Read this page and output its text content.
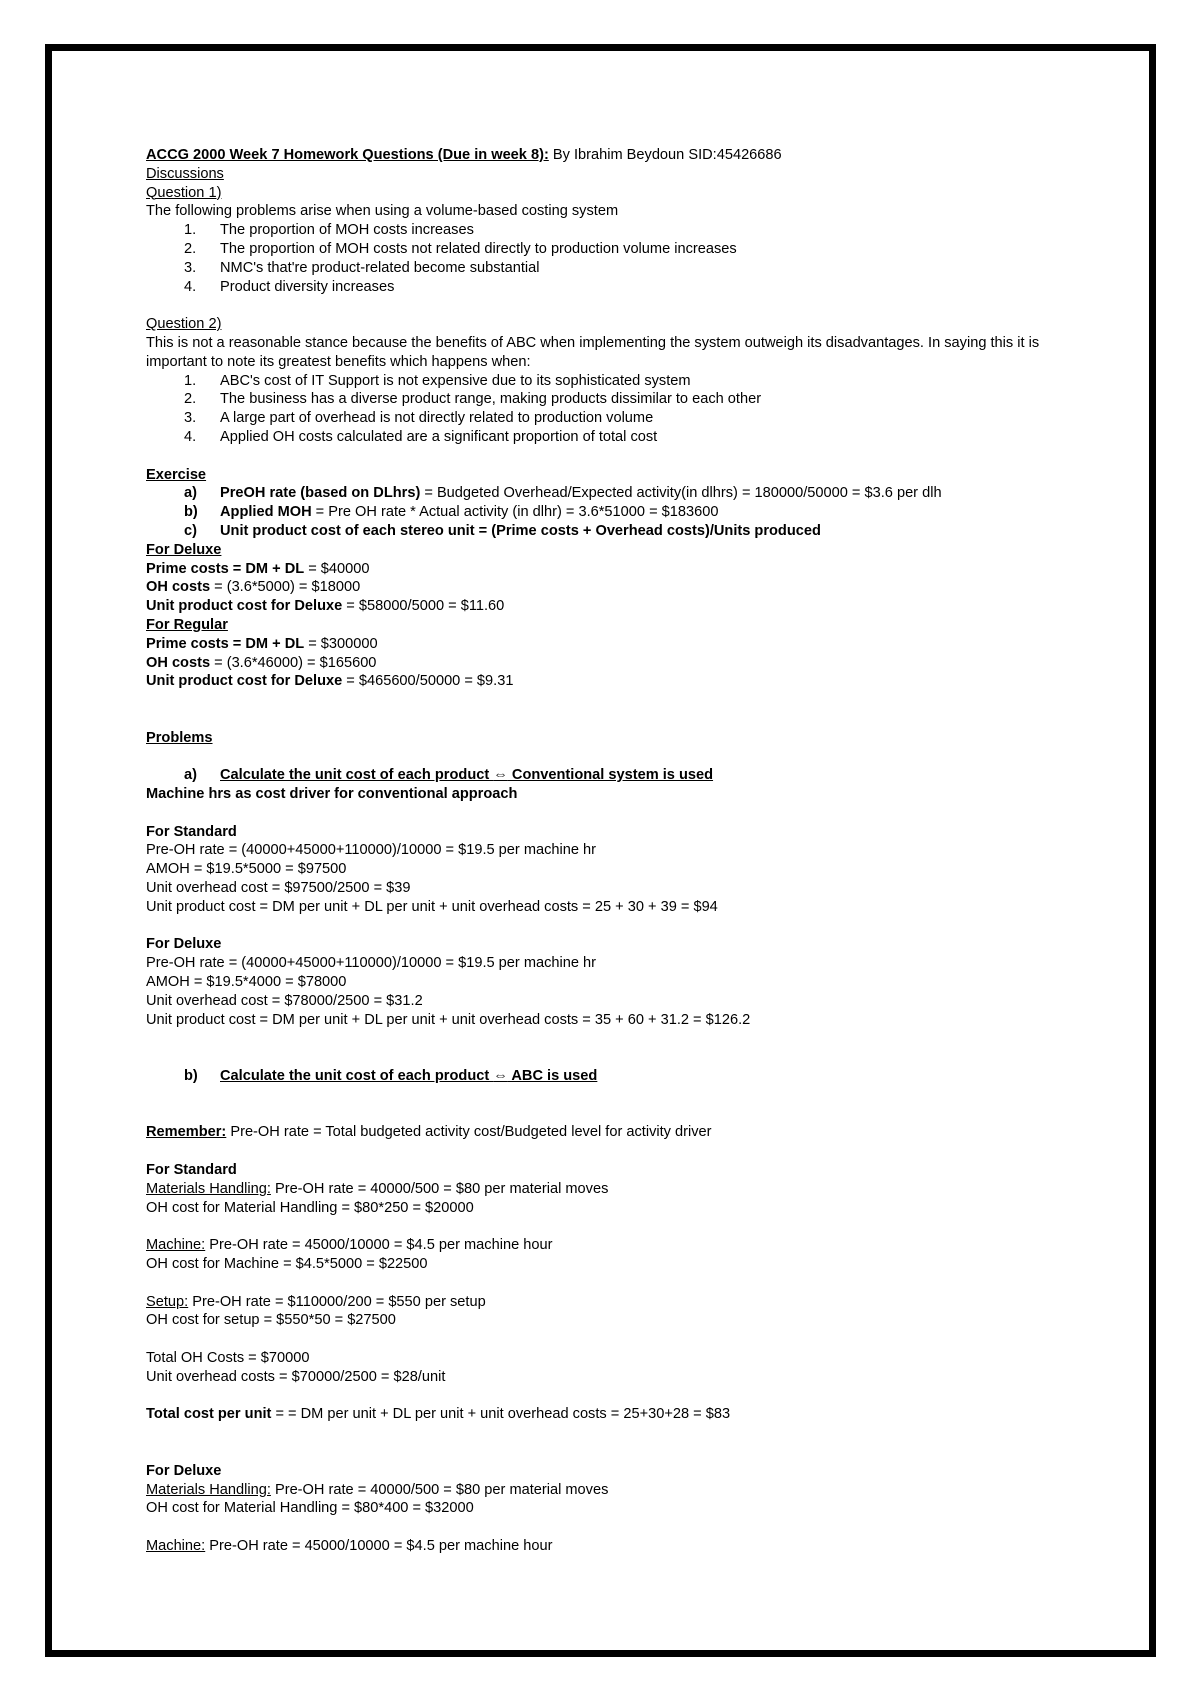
ACCG 2000 Week 7 Homework Questions (Due in week 8): By Ibrahim Beydoun SID:45426686
Discussions
Question 1)
The following problems arise when using a volume-based costing system
1. The proportion of MOH costs increases
2. The proportion of MOH costs not related directly to production volume increases
3. NMC's that're product-related become substantial
4. Product diversity increases
Question 2)
This is not a reasonable stance because the benefits of ABC when implementing the system outweigh its disadvantages. In saying this it is important to note its greatest benefits which happens when:
1. ABC's cost of IT Support is not expensive due to its sophisticated system
2. The business has a diverse product range, making products dissimilar to each other
3. A large part of overhead is not directly related to production volume
4. Applied OH costs calculated are a significant proportion of total cost
Exercise
a) PreOH rate (based on DLhrs) = Budgeted Overhead/Expected activity(in dlhrs) = 180000/50000 = $3.6 per dlh
b) Applied MOH = Pre OH rate * Actual activity (in dlhr) = 3.6*51000 = $183600
c) Unit product cost of each stereo unit = (Prime costs + Overhead costs)/Units produced
For Deluxe
Prime costs = DM + DL = $40000
OH costs = (3.6*5000) = $18000
Unit product cost for Deluxe = $58000/5000 = $11.60
For Regular
Prime costs = DM + DL = $300000
OH costs = (3.6*46000) = $165600
Unit product cost for Deluxe = $465600/50000 = $9.31
Problems
a) Calculate the unit cost of each product ⇔ Conventional system is used
Machine hrs as cost driver for conventional approach
For Standard
Pre-OH rate = (40000+45000+110000)/10000 = $19.5 per machine hr
AMOH = $19.5*5000 = $97500
Unit overhead cost = $97500/2500 = $39
Unit product cost = DM per unit + DL per unit + unit overhead costs = 25 + 30 + 39 = $94
For Deluxe
Pre-OH rate = (40000+45000+110000)/10000 = $19.5 per machine hr
AMOH = $19.5*4000 = $78000
Unit overhead cost = $78000/2500 = $31.2
Unit product cost = DM per unit + DL per unit + unit overhead costs = 35 + 60 + 31.2 = $126.2
b) Calculate the unit cost of each product ⇔ ABC is used
Remember: Pre-OH rate = Total budgeted activity cost/Budgeted level for activity driver
For Standard
Materials Handling: Pre-OH rate = 40000/500 = $80 per material moves
OH cost for Material Handling = $80*250 = $20000
Machine: Pre-OH rate = 45000/10000 = $4.5 per machine hour
OH cost for Machine = $4.5*5000 = $22500
Setup: Pre-OH rate = $110000/200 = $550 per setup
OH cost for setup = $550*50 = $27500
Total OH Costs = $70000
Unit overhead costs = $70000/2500 = $28/unit
Total cost per unit = = DM per unit + DL per unit + unit overhead costs = 25+30+28 = $83
For Deluxe
Materials Handling: Pre-OH rate = 40000/500 = $80 per material moves
OH cost for Material Handling = $80*400 = $32000
Machine: Pre-OH rate = 45000/10000 = $4.5 per machine hour
